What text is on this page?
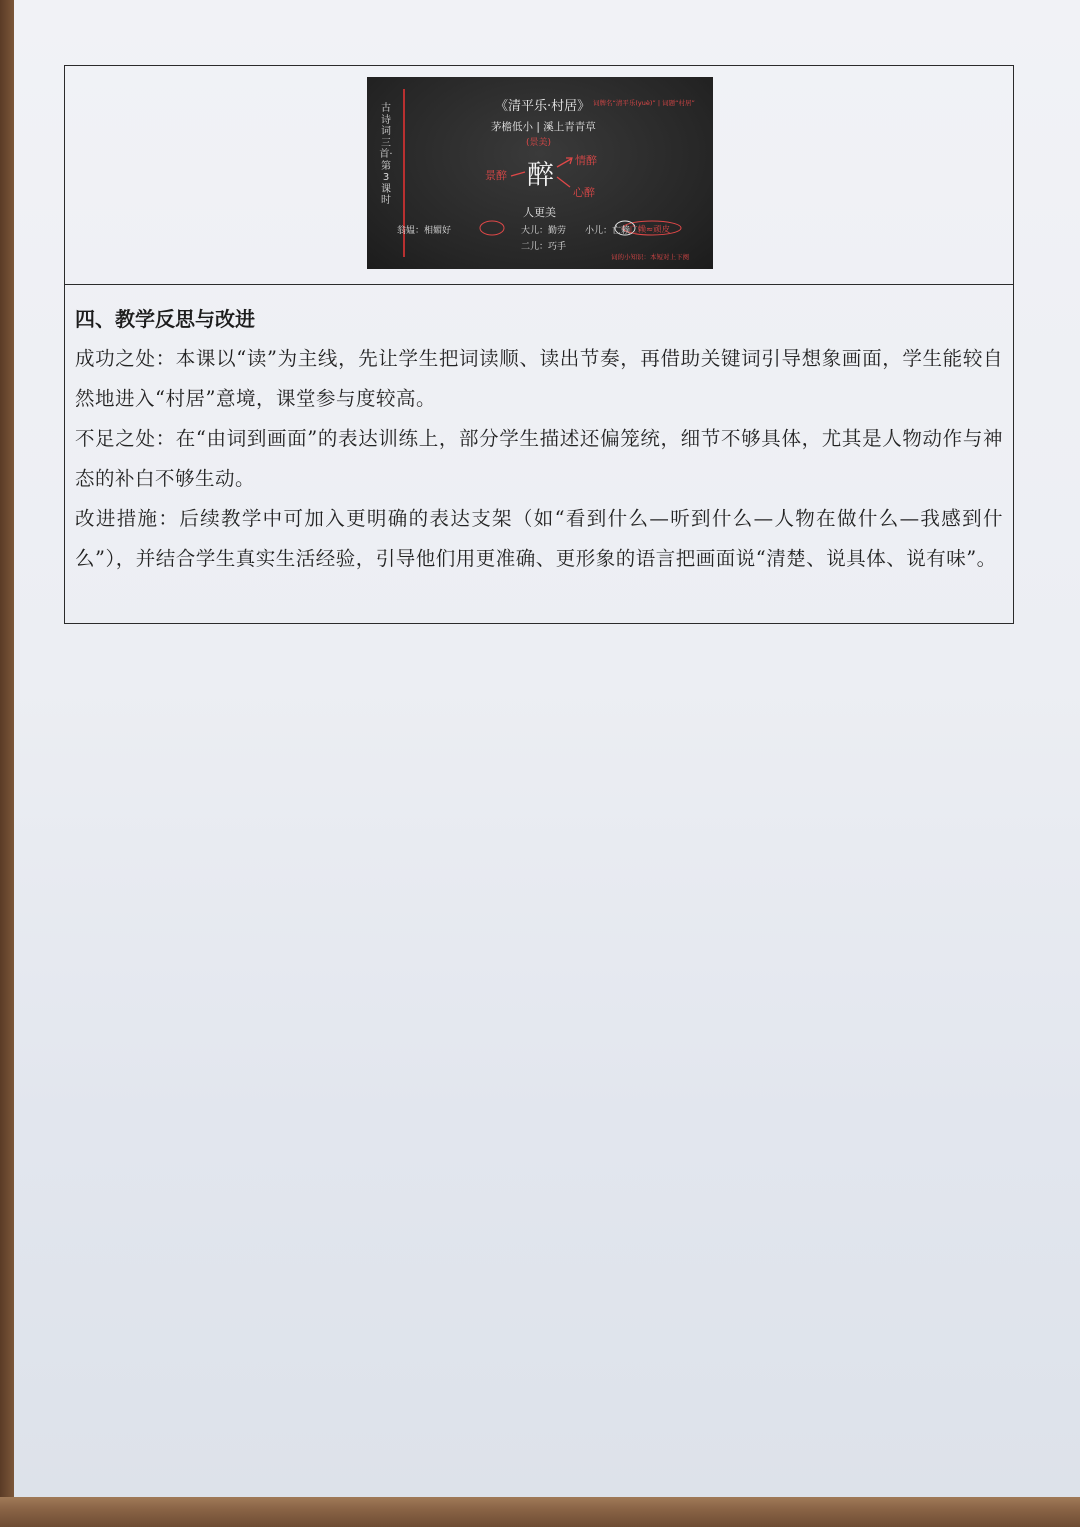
古诗词三首·第3课时
《清平乐·村居》 词牌名“清平乐(yuè)” | 词题“村居”
茅檐低小 | 溪上青青草
(景美)
醉
景醉
情醉
心醉
人更美
翁媪：相媚好	大儿：勤劳
二儿：巧手
小儿：亡赖
亡赖≈顽皮
词的小知识：本短对上下阕
四、教学反思与改进
成功之处：本课以“读”为主线，先让学生把词读顺、读出节奏，再借助关键词引导想象画面，学生能较自然地进入“村居”意境，课堂参与度较高。
不足之处：在“由词到画面”的表达训练上，部分学生描述还偏笼统，细节不够具体，尤其是人物动作与神态的补白不够生动。
改进措施：后续教学中可加入更明确的表达支架（如“看到什么—听到什么—人物在做什么—我感到什么”），并结合学生真实生活经验，引导他们用更准确、更形象的语言把画面说“清楚、说具体、说有味”。
